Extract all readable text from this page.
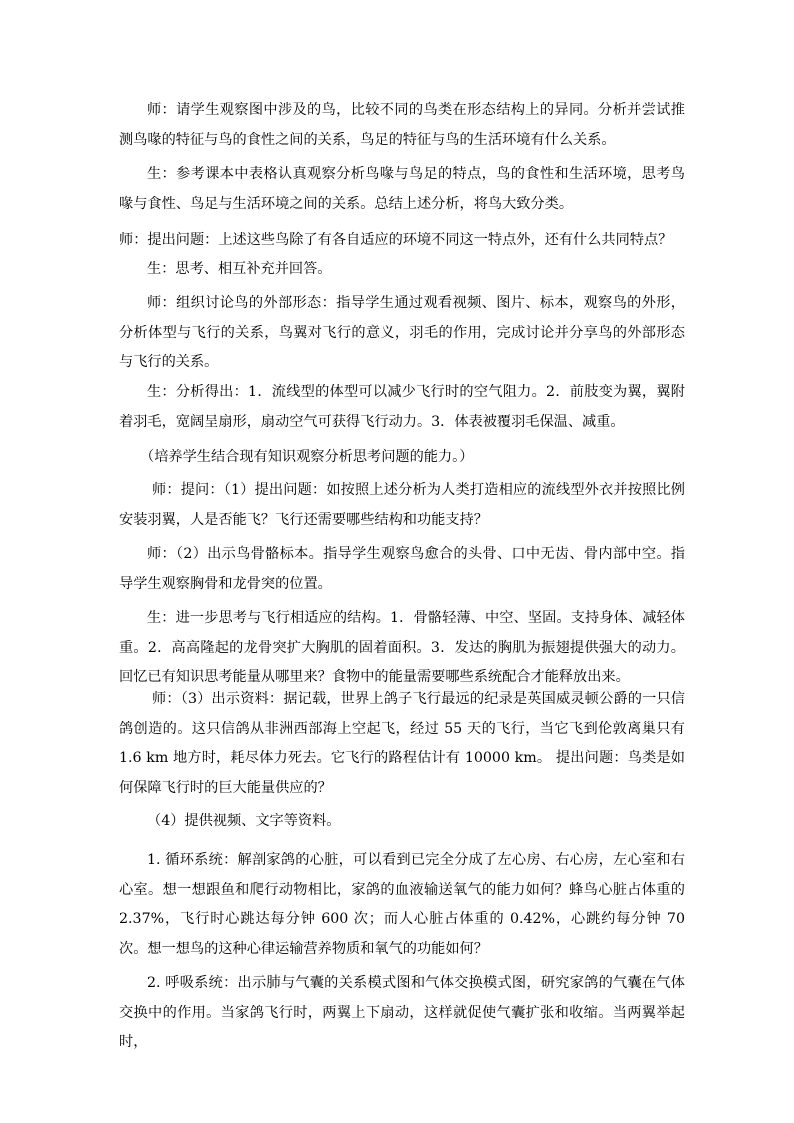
师：请学生观察图中涉及的鸟，比较不同的鸟类在形态结构上的异同。分析并尝试推测鸟喙的特征与鸟的食性之间的关系，鸟足的特征与鸟的生活环境有什么关系。

生：参考课本中表格认真观察分析鸟喙与鸟足的特点，鸟的食性和生活环境，思考鸟喙与食性、鸟足与生活环境之间的关系。总结上述分析，将鸟大致分类。

师：提出问题：上述这些鸟除了有各自适应的环境不同这一特点外，还有什么共同特点？

生：思考、相互补充并回答。

师：组织讨论鸟的外部形态：指导学生通过观看视频、图片、标本，观察鸟的外形，分析体型与飞行的关系，鸟翼对飞行的意义，羽毛的作用，完成讨论并分享鸟的外部形态与飞行的关系。

生：分析得出：1．流线型的体型可以减少飞行时的空气阻力。2．前肢变为翼，翼附着羽毛，宽阔呈扇形，扇动空气可获得飞行动力。3．体表被覆羽毛保温、减重。

（培养学生结合现有知识观察分析思考问题的能力。）

师：提问：（1）提出问题：如按照上述分析为人类打造相应的流线型外衣并按照比例安装羽翼，人是否能飞？飞行还需要哪些结构和功能支持？

师：（2）出示鸟骨骼标本。指导学生观察鸟愈合的头骨、口中无齿、骨内部中空。指导学生观察胸骨和龙骨突的位置。

生：进一步思考与飞行相适应的结构。1．骨骼轻薄、中空、坚固。支持身体、减轻体重。2．高高隆起的龙骨突扩大胸肌的固着面积。3．发达的胸肌为振翅提供强大的动力。回忆已有知识思考能量从哪里来？食物中的能量需要哪些系统配合才能释放出来。

师：（3）出示资料：据记载，世界上鸽子飞行最远的纪录是英国威灵顿公爵的一只信鸽创造的。这只信鸽从非洲西部海上空起飞，经过 55 天的飞行，当它飞到伦敦离巢只有 1.6 km 地方时，耗尽体力死去。它飞行的路程估计有 10000 km。 提出问题：鸟类是如何保障飞行时的巨大能量供应的？

（4）提供视频、文字等资料。

1. 循环系统：解剖家鸽的心脏，可以看到已完全分成了左心房、右心房，左心室和右心室。想一想跟鱼和爬行动物相比，家鸽的血液输送氧气的能力如何？蜂鸟心脏占体重的 2.37%，飞行时心跳达每分钟 600 次；而人心脏占体重的 0.42%，心跳约每分钟 70 次。想一想鸟的这种心律运输营养物质和氧气的功能如何？

2. 呼吸系统：出示肺与气囊的关系模式图和气体交换模式图，研究家鸽的气囊在气体交换中的作用。当家鸽飞行时，两翼上下扇动，这样就促使气囊扩张和收缩。当两翼举起时，
